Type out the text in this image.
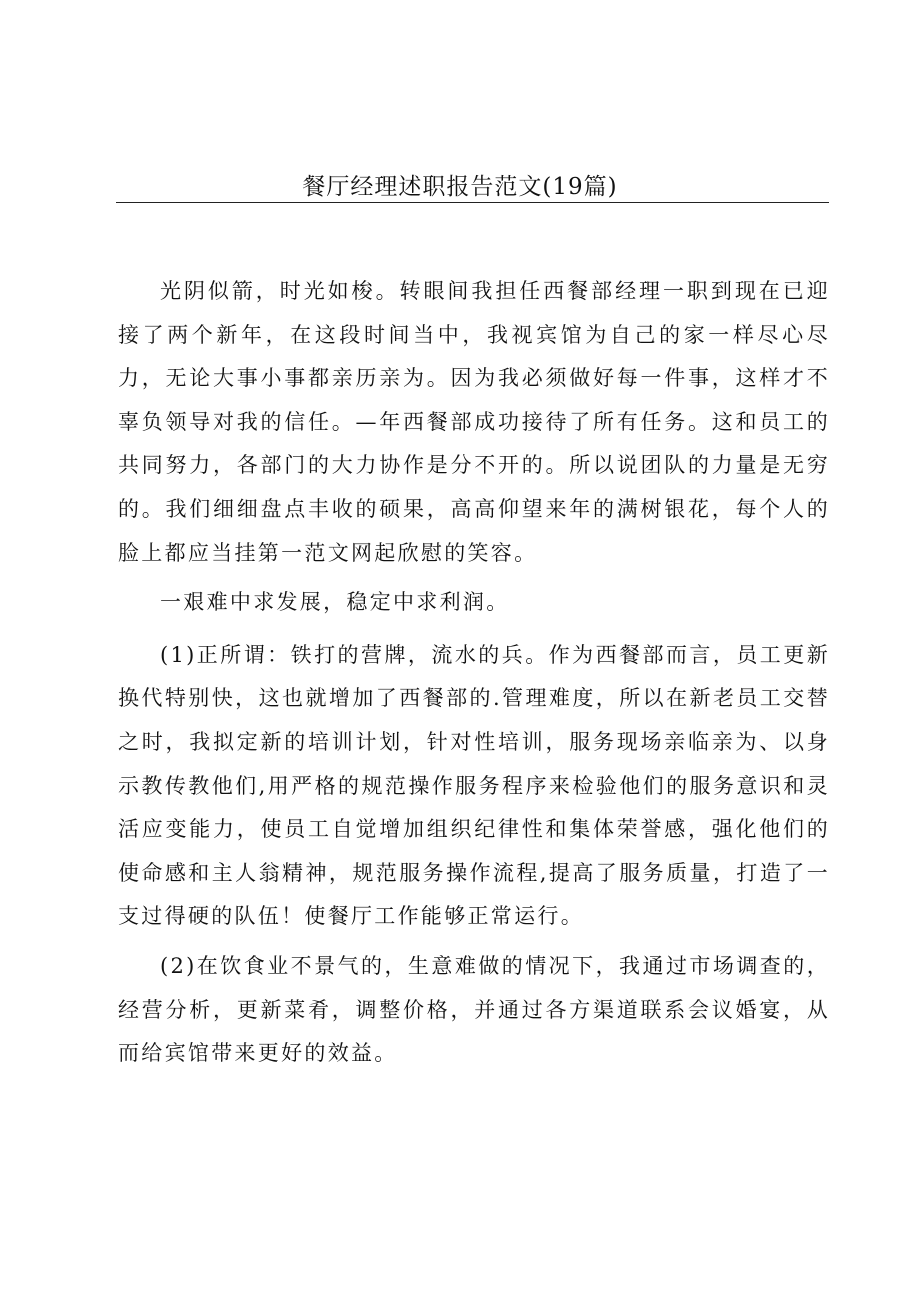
餐厅经理述职报告范文(19篇)

光阴似箭，时光如梭。转眼间我担任西餐部经理一职到现在已迎接了两个新年，在这段时间当中，我视宾馆为自己的家一样尽心尽力，无论大事小事都亲历亲为。因为我必须做好每一件事，这样才不辜负领导对我的信任。—年西餐部成功接待了所有任务。这和员工的共同努力，各部门的大力协作是分不开的。所以说团队的力量是无穷的。我们细细盘点丰收的硕果，高高仰望来年的满树银花，每个人的脸上都应当挂第一范文网起欣慰的笑容。

一艰难中求发展，稳定中求利润。

(1)正所谓：铁打的营牌，流水的兵。作为西餐部而言，员工更新换代特别快，这也就增加了西餐部的.管理难度，所以在新老员工交替之时，我拟定新的培训计划，针对性培训，服务现场亲临亲为、以身示教传教他们,用严格的规范操作服务程序来检验他们的服务意识和灵活应变能力，使员工自觉增加组织纪律性和集体荣誉感，强化他们的使命感和主人翁精神，规范服务操作流程,提高了服务质量，打造了一支过得硬的队伍！使餐厅工作能够正常运行。

(2)在饮食业不景气的，生意难做的情况下，我通过市场调查的，经营分析，更新菜肴，调整价格，并通过各方渠道联系会议婚宴，从而给宾馆带来更好的效益。
